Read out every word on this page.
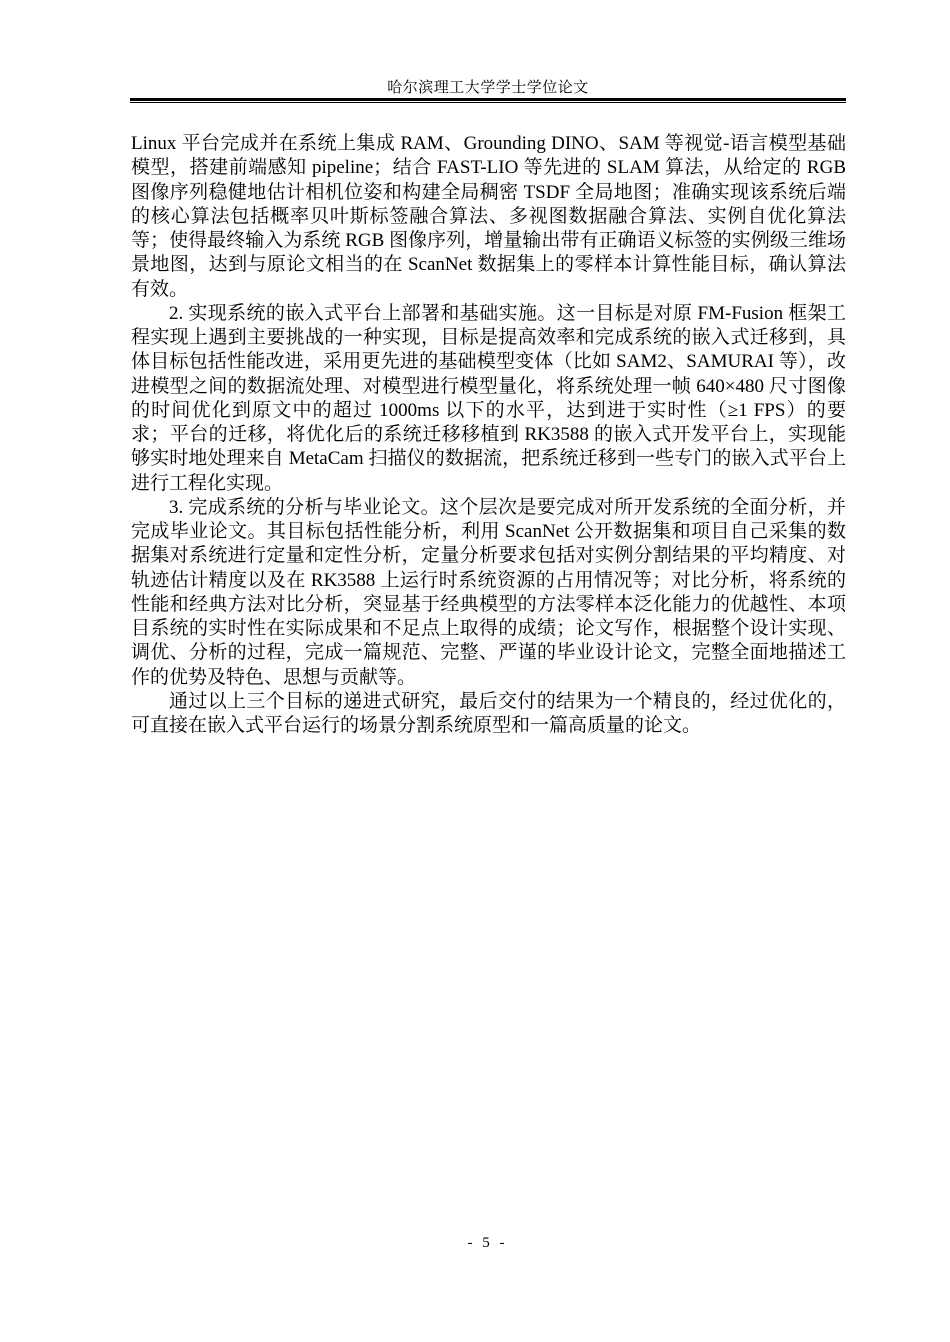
哈尔滨理工大学学士学位论文

Linux 平台完成并在系统上集成 RAM、Grounding DINO、SAM 等视觉-语言模型基础模型，搭建前端感知 pipeline；结合 FAST-LIO 等先进的 SLAM 算法，从给定的 RGB 图像序列稳健地估计相机位姿和构建全局稠密 TSDF 全局地图；准确实现该系统后端的核心算法包括概率贝叶斯标签融合算法、多视图数据融合算法、实例自优化算法等；使得最终输入为系统 RGB 图像序列，增量输出带有正确语义标签的实例级三维场景地图，达到与原论文相当的在 ScanNet 数据集上的零样本计算性能目标，确认算法有效。

2. 实现系统的嵌入式平台上部署和基础实施。这一目标是对原 FM-Fusion 框架工程实现上遇到主要挑战的一种实现，目标是提高效率和完成系统的嵌入式迁移到，具体目标包括性能改进，采用更先进的基础模型变体（比如 SAM2、SAMURAI 等），改进模型之间的数据流处理、对模型进行模型量化，将系统处理一帧 640×480 尺寸图像的时间优化到原文中的超过 1000ms 以下的水平，达到进于实时性（≥1 FPS）的要求；平台的迁移，将优化后的系统迁移移植到 RK3588 的嵌入式开发平台上，实现能够实时地处理来自 MetaCam 扫描仪的数据流，把系统迁移到一些专门的嵌入式平台上进行工程化实现。

3. 完成系统的分析与毕业论文。这个层次是要完成对所开发系统的全面分析，并完成毕业论文。其目标包括性能分析，利用 ScanNet 公开数据集和项目自己采集的数据集对系统进行定量和定性分析，定量分析要求包括对实例分割结果的平均精度、对轨迹估计精度以及在 RK3588 上运行时系统资源的占用情况等；对比分析，将系统的性能和经典方法对比分析，突显基于经典模型的方法零样本泛化能力的优越性、本项目系统的实时性在实际成果和不足点上取得的成绩；论文写作，根据整个设计实现、调优、分析的过程，完成一篇规范、完整、严谨的毕业设计论文，完整全面地描述工作的优势及特色、思想与贡献等。

通过以上三个目标的递进式研究，最后交付的结果为一个精良的，经过优化的，可直接在嵌入式平台运行的场景分割系统原型和一篇高质量的论文。

- 5 -
